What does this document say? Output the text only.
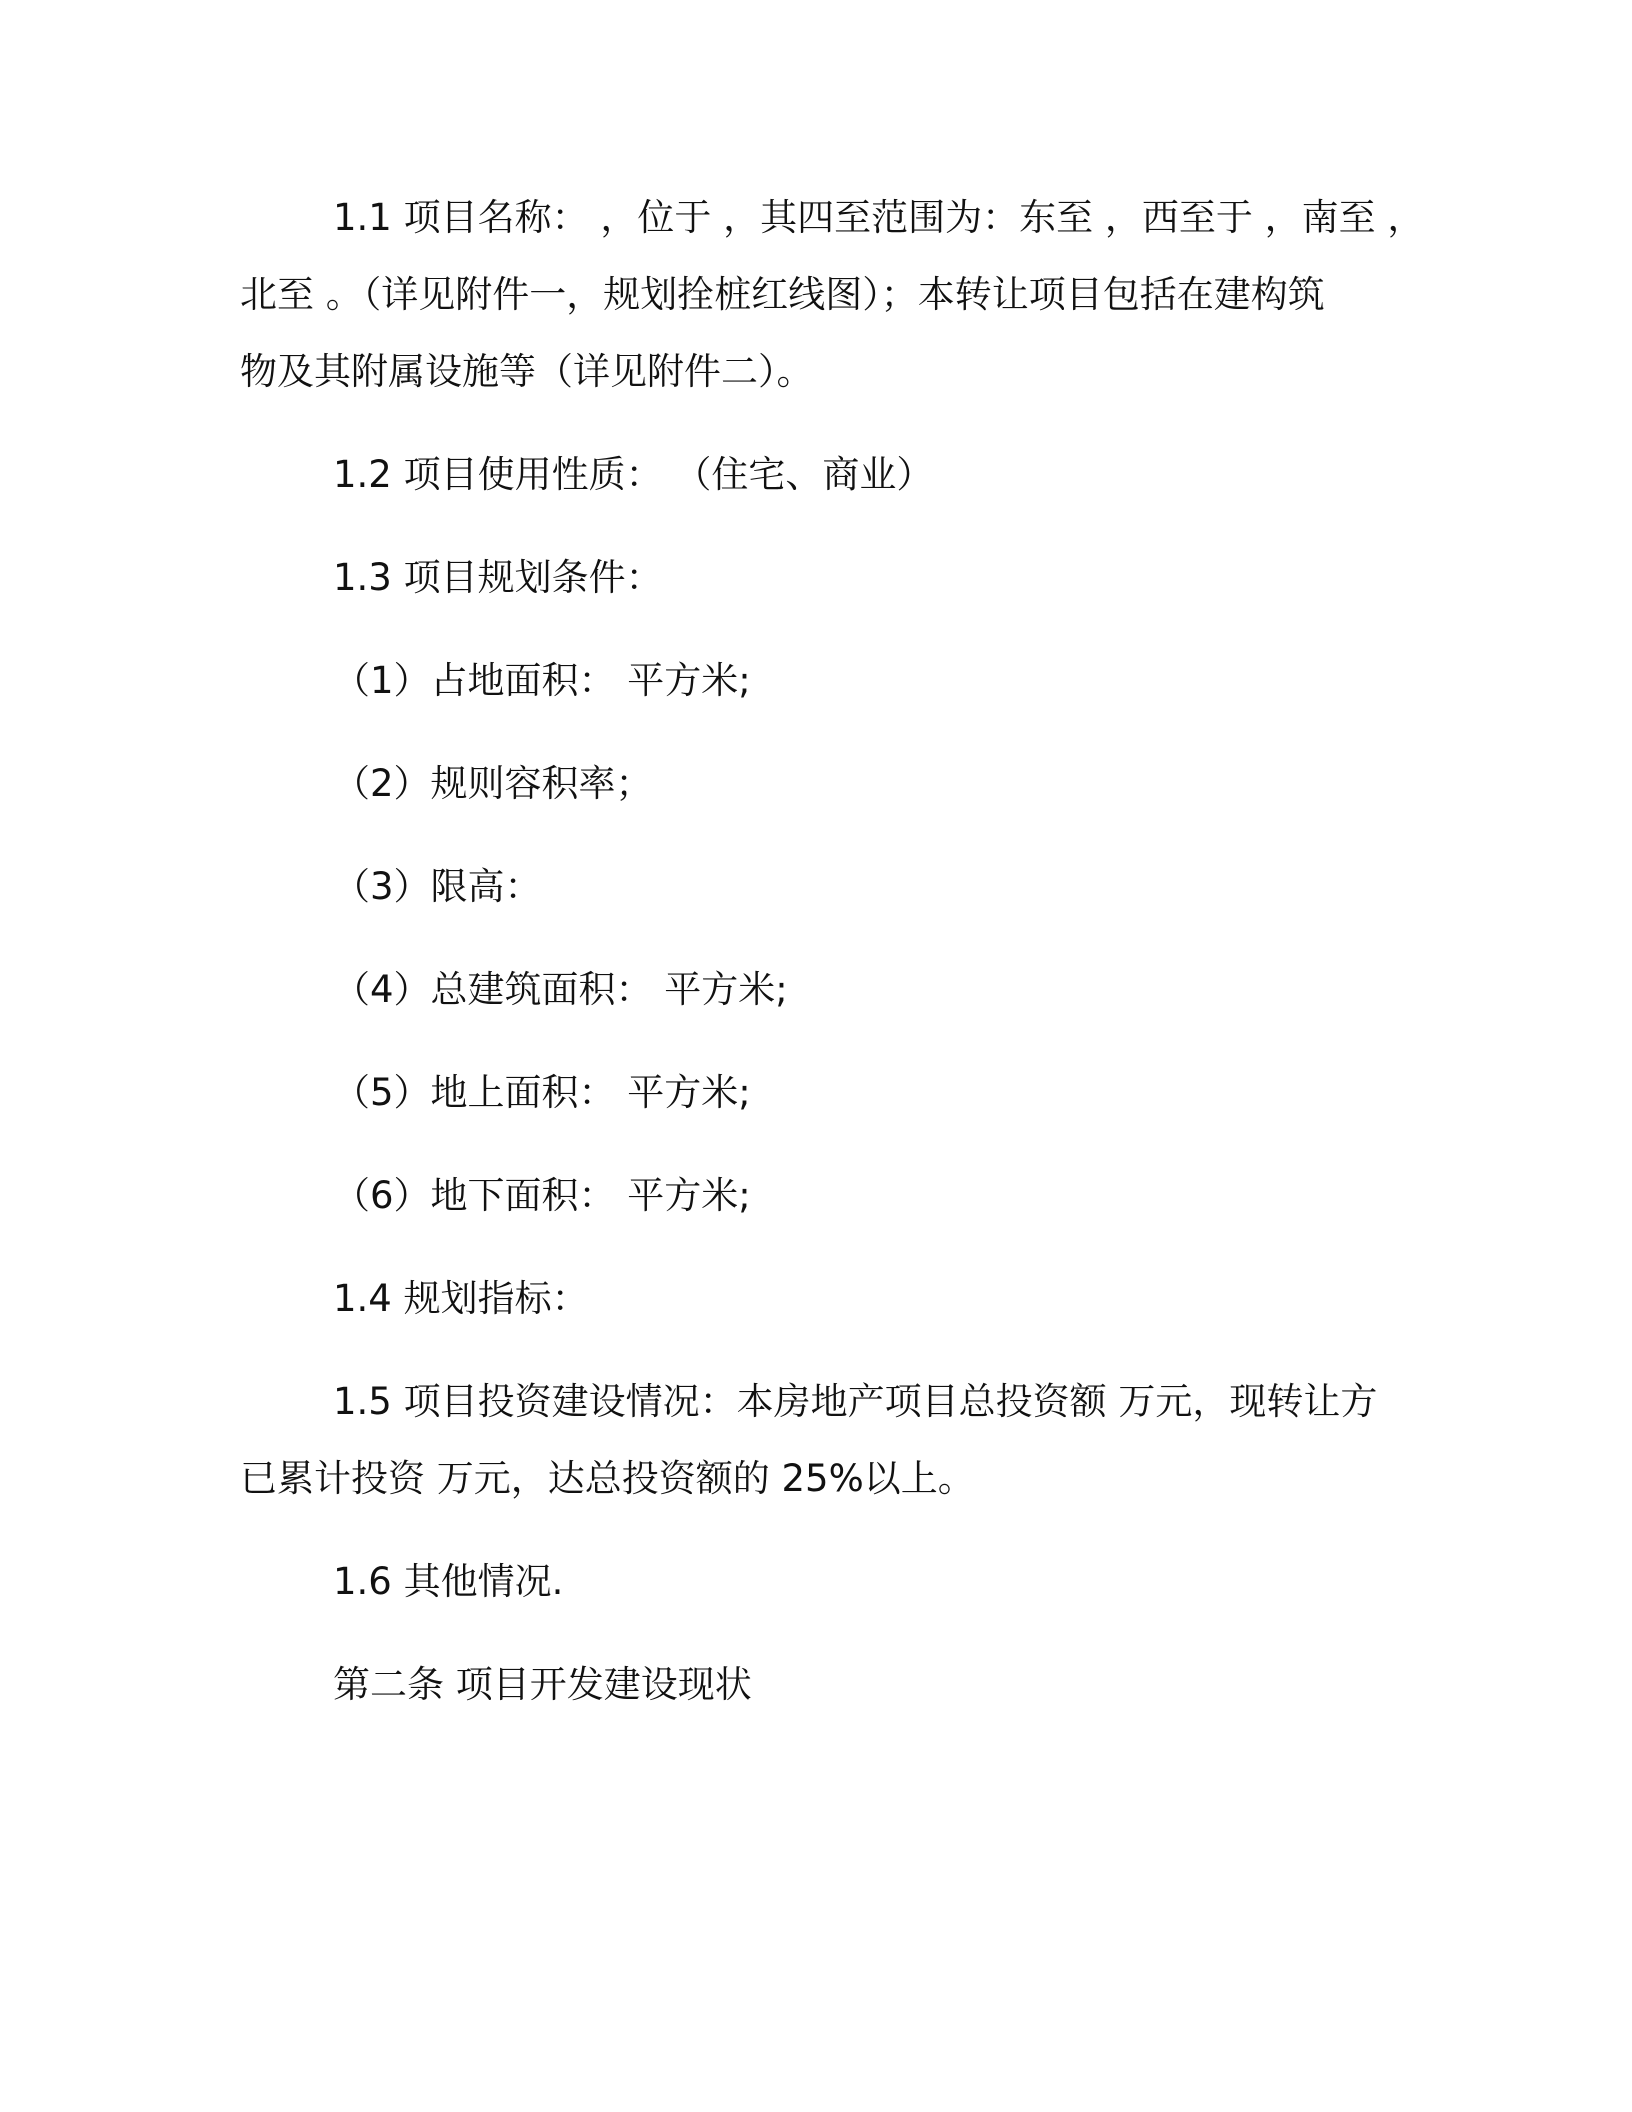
1.1 项目名称： ，位于 ，其四至范围为：东至 ，西至于 ，南至 ，
北至 。（详见附件一，规划拴桩红线图）；本转让项目包括在建构筑
物及其附属设施等（详见附件二）。
1.2 项目使用性质： （住宅、商业）
1.3 项目规划条件：
（1）占地面积： 平方米;
（2）规则容积率；
（3）限高：
（4）总建筑面积： 平方米;
（5）地上面积： 平方米;
（6）地下面积： 平方米;
1.4 规划指标：
1.5 项目投资建设情况：本房地产项目总投资额 万元，现转让方
已累计投资 万元，达总投资额的 25%以上。
1.6 其他情况.
第二条 项目开发建设现状
